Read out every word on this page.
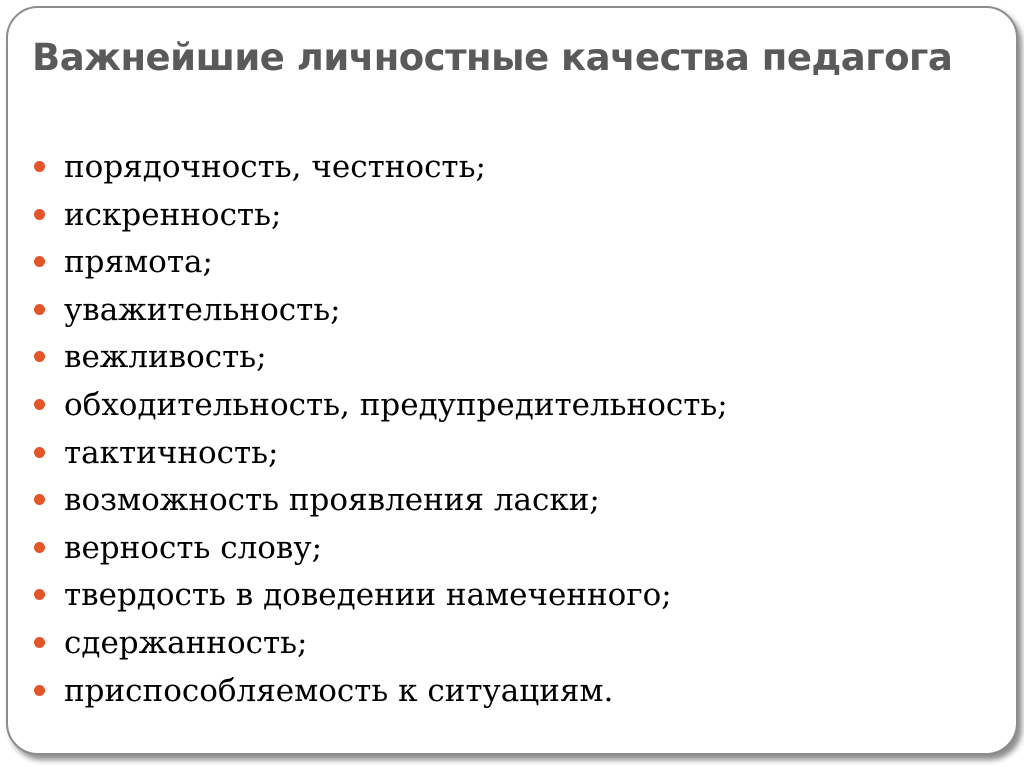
Важнейшие личностные качества педагога
порядочность, честность;
искренность;
прямота;
уважительность;
вежливость;
обходительность, предупредительность;
тактичность;
возможность проявления ласки;
верность слову;
твердость в доведении намеченного;
сдержанность;
приспособляемость к ситуациям.
